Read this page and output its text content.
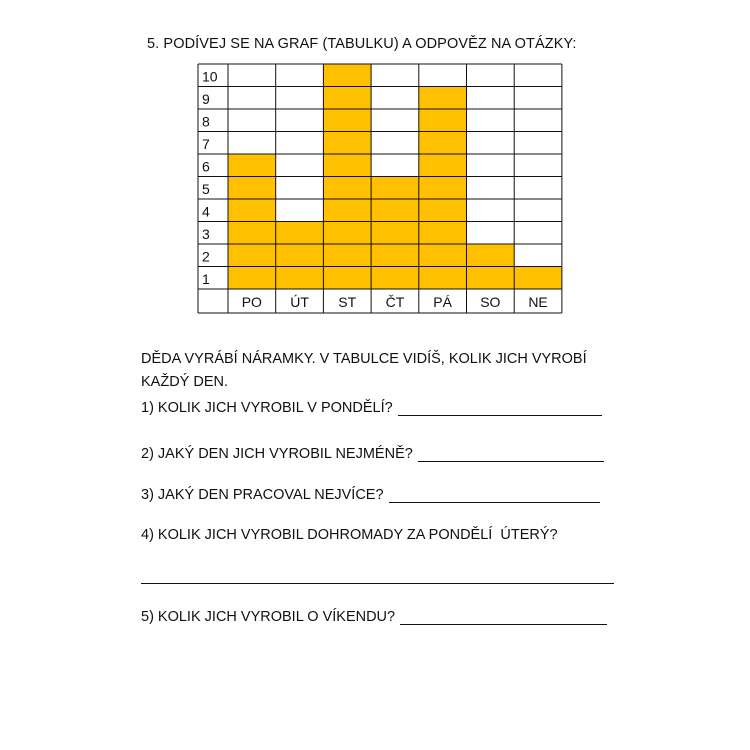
5. PODÍVEJ SE NA GRAF (TABULKU) A ODPOVĚZ NA OTÁZKY:
1
2
3
4
5
6
7
8
9
10
PO ÚT ST ČT PÁ SO NE
DĚDA VYRÁBÍ NÁRAMKY. V TABULCE VIDÍŠ, KOLIK JICH VYROBÍ KAŽDÝ DEN.
1) KOLIK JICH VYROBIL V PONDĚLÍ?
2) JAKÝ DEN JICH VYROBIL NEJMÉNĚ?
3) JAKÝ DEN PRACOVAL NEJVÍCE?
4) KOLIK JICH VYROBIL DOHROMADY ZA PONDĚLÍ  ÚTERÝ?
5) KOLIK JICH VYROBIL O VÍKENDU?
